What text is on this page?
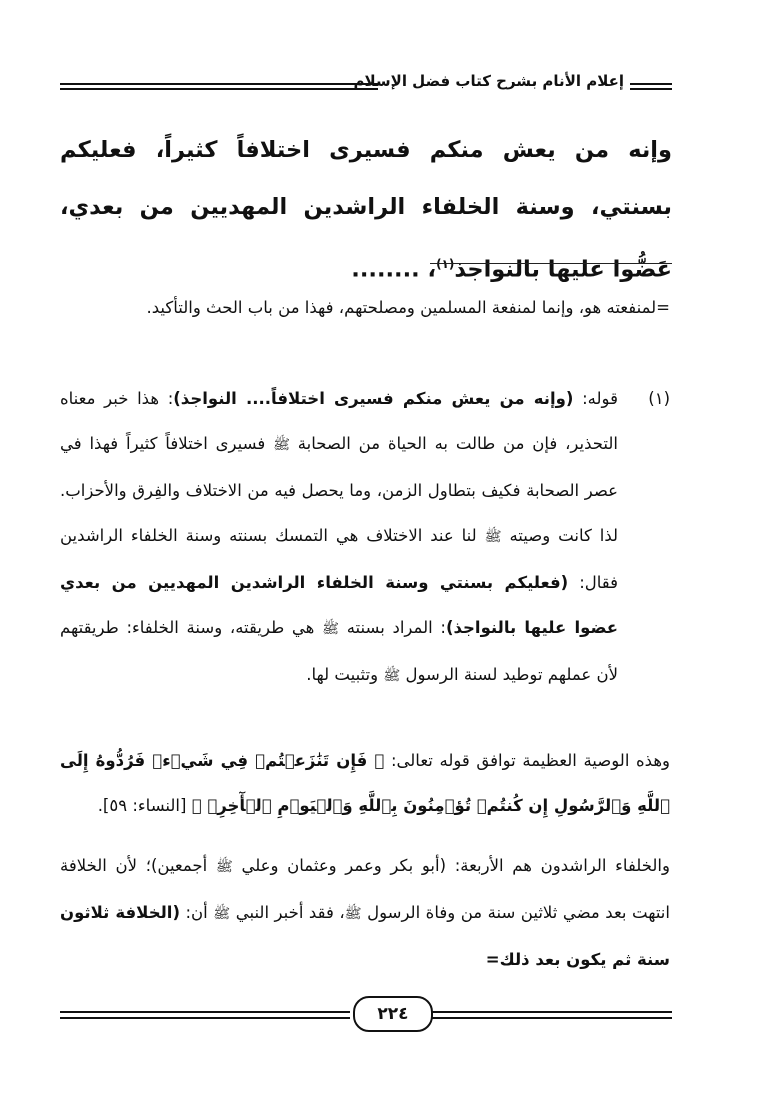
إعلام الأنام بشرح كتاب فضل الإسلام
وإنه من يعش منكم فسيرى اختلافاً كثيراً، فعليكم بسنتي، وسنة الخلفاء الراشدين المهديين من بعدي، عَضُّوا عليها بالنواجذ$^{(١)}$، ........
=لمنفعته هو، وإنما لمنفعة المسلمين ومصلحتهم، فهذا من باب الحث والتأكيد.
(١)
قوله: (وإنه من يعش منكم فسيرى اختلافاً.... النواجذ): هذا خبر معناه التحذير، فإن من طالت به الحياة من الصحابة ﷺ فسيرى اختلافاً كثيراً فهذا في عصر الصحابة فكيف بتطاول الزمن، وما يحصل فيه من الاختلاف والفِرق والأحزاب. لذا كانت وصيته ﷺ لنا عند الاختلاف هي التمسك بسنته وسنة الخلفاء الراشدين فقال: (فعليكم بسنتي وسنة الخلفاء الراشدين المهديين من بعدي عضوا عليها بالنواجذ): المراد بسنته ﷺ هي طريقته، وسنة الخلفاء: طريقتهم لأن عملهم توطيد لسنة الرسول ﷺ وتثبيت لها.
وهذه الوصية العظيمة توافق قوله تعالى: ﴿ فَإِن تَنَٰزَعۡتُمۡ فِي شَيۡءٖ فَرُدُّوهُ إِلَى ٱللَّهِ وَٱلرَّسُولِ إِن كُنتُمۡ تُؤۡمِنُونَ بِٱللَّهِ وَٱلۡيَوۡمِ ٱلۡأٓخِرِۚ ﴾ [النساء: ٥٩].
والخلفاء الراشدون هم الأربعة: (أبو بكر وعمر وعثمان وعلي ﷺ أجمعين)؛ لأن الخلافة انتهت بعد مضي ثلاثين سنة من وفاة الرسول ﷺ، فقد أخبر النبي ﷺ أن: (الخلافة ثلاثون سنة ثم يكون بعد ذلك=
٢٢٤
